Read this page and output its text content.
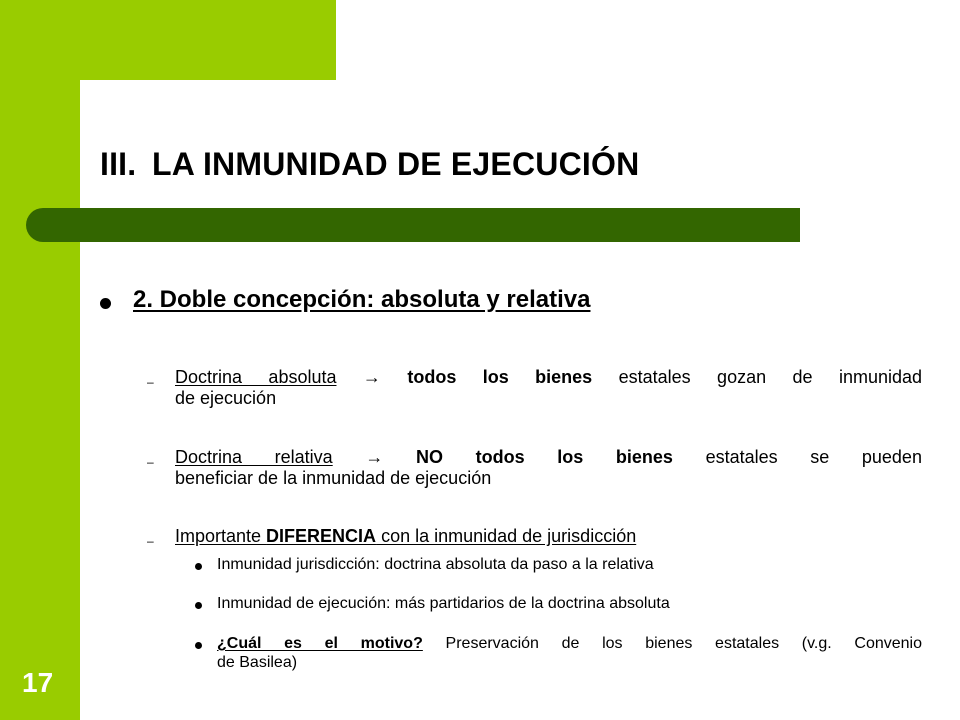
III. LA INMUNIDAD DE EJECUCIÓN
2. Doble concepción: absoluta y relativa
– Doctrina absoluta → todos los bienes estatales gozan de inmunidad
de ejecución
– Doctrina relativa → NO todos los bienes estatales se pueden
beneficiar de la inmunidad de ejecución
– Importante DIFERENCIA con la inmunidad de jurisdicción
Inmunidad jurisdicción: doctrina absoluta da paso a la relativa
Inmunidad de ejecución: más partidarios de la doctrina absoluta
¿Cuál es el motivo? Preservación de los bienes estatales (v.g. Convenio
de Basilea)
17
